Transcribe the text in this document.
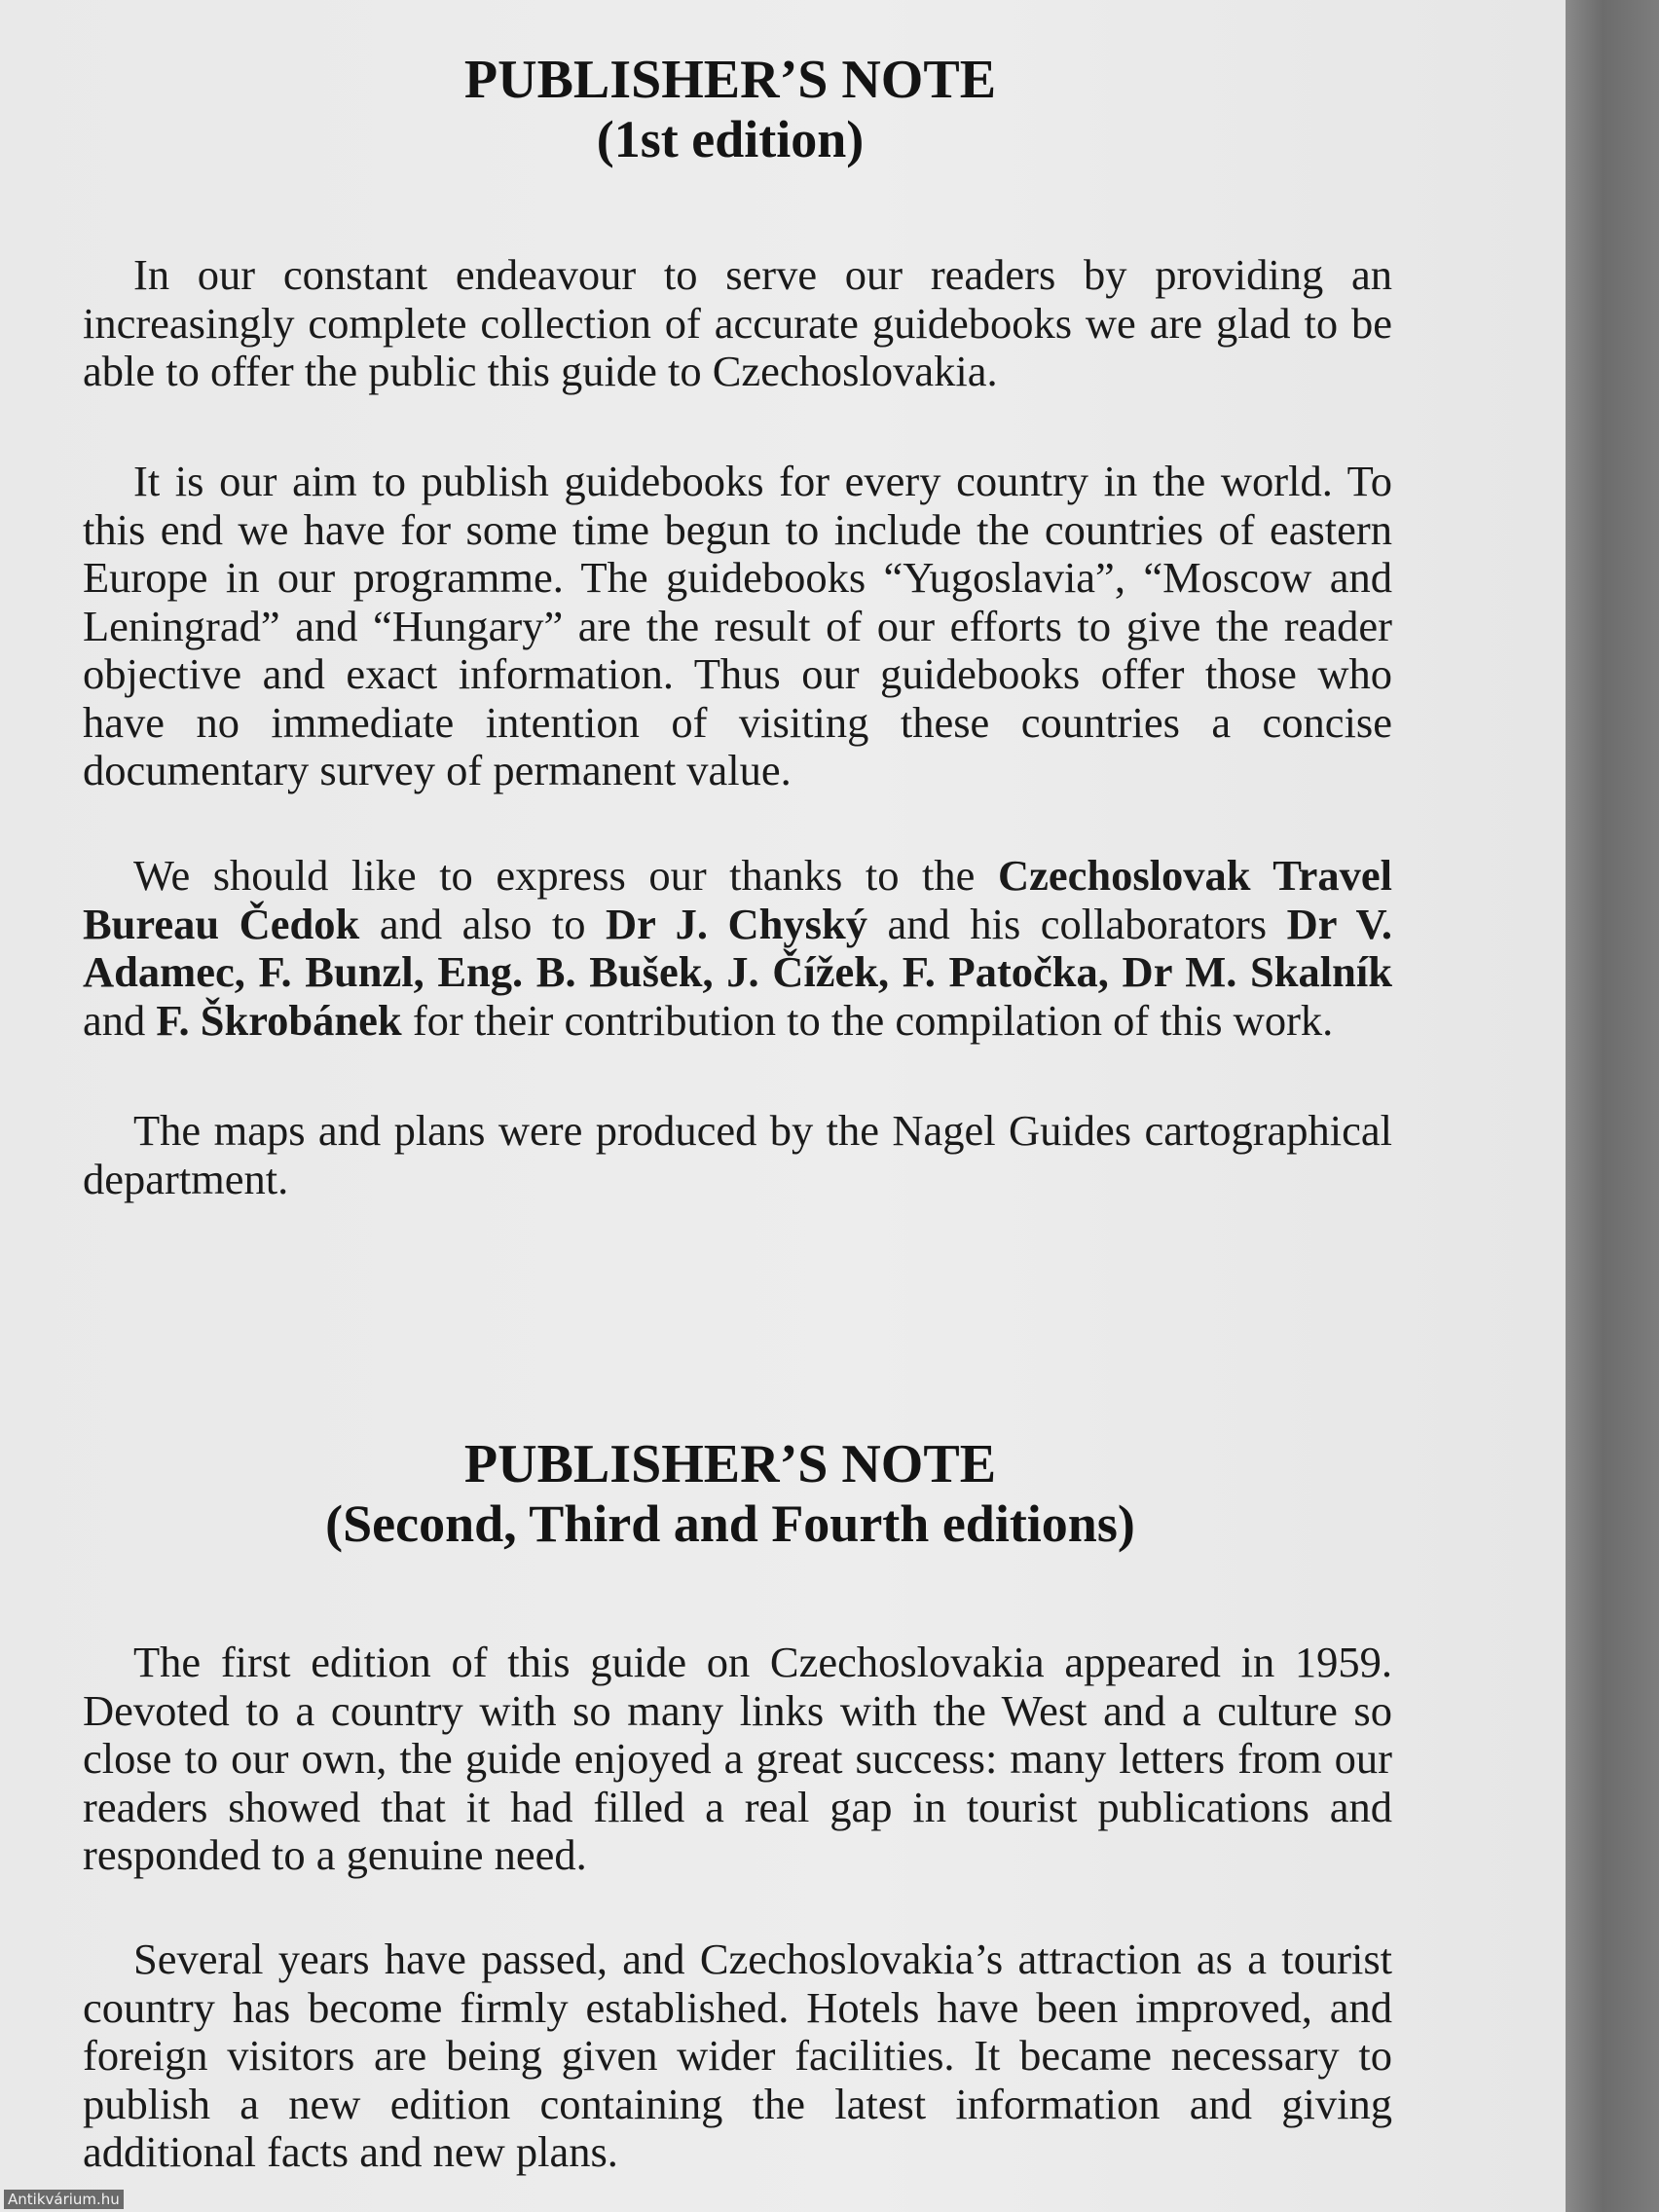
PUBLISHER’S NOTE
(1st edition)

In our constant endeavour to serve our readers by providing an increasingly complete collection of accurate guidebooks we are glad to be able to offer the public this guide to Czechoslovakia.

It is our aim to publish guidebooks for every country in the world. To this end we have for some time begun to include the countries of eastern Europe in our programme. The guidebooks “Yugoslavia”, “Moscow and Leningrad” and “Hungary” are the result of our efforts to give the reader objective and exact information. Thus our guidebooks offer those who have no immediate intention of visiting these countries a concise documentary survey of permanent value.

We should like to express our thanks to the Czechoslovak Travel Bureau Čedok and also to Dr J. Chyský and his collaborators Dr V. Adamec, F. Bunzl, Eng. B. Bušek, J. Čížek, F. Patočka, Dr M. Skalník and F. Škrobánek for their contribution to the compilation of this work.

The maps and plans were produced by the Nagel Guides cartographical department.

PUBLISHER’S NOTE
(Second, Third and Fourth editions)

The first edition of this guide on Czechoslovakia appeared in 1959. Devoted to a country with so many links with the West and a culture so close to our own, the guide enjoyed a great success: many letters from our readers showed that it had filled a real gap in tourist publications and responded to a genuine need.

Several years have passed, and Czechoslovakia’s attraction as a tourist country has become firmly established. Hotels have been improved, and foreign visitors are being given wider facilities. It became necessary to publish a new edition containing the latest information and giving additional facts and new plans.

Antikvárium.hu
